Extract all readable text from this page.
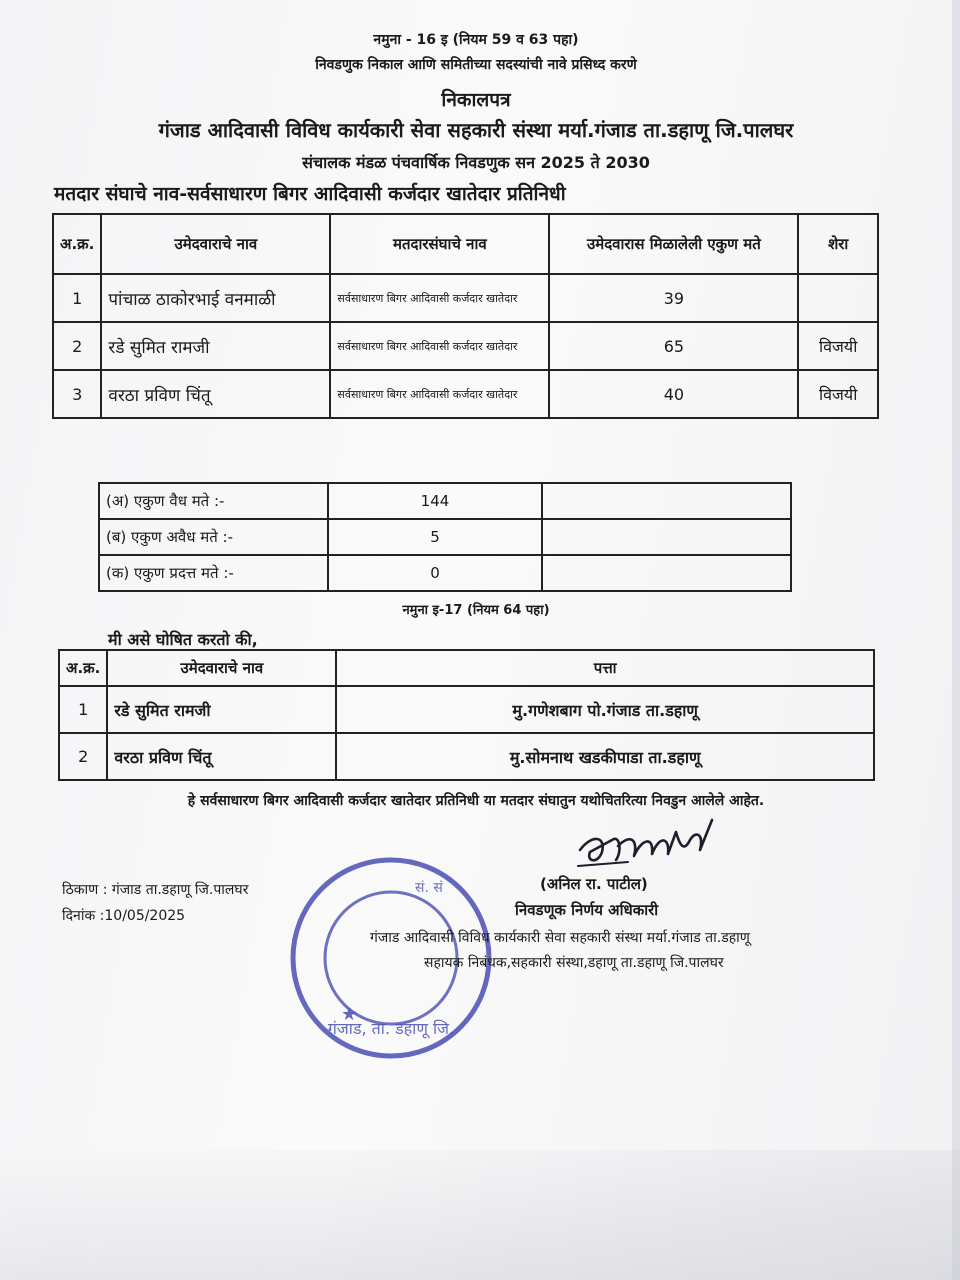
नमुना - 16 इ (नियम 59 व 63 पहा)
निवडणुक निकाल आणि समितीच्या सदस्यांची नावे प्रसिध्द करणे
निकालपत्र
गंजाड आदिवासी विविध कार्यकारी सेवा सहकारी संस्था मर्या.गंजाड ता.डहाणू जि.पालघर
संचालक मंडळ पंचवार्षिक निवडणुक सन 2025 ते 2030
मतदार संघाचे नाव-सर्वसाधारण बिगर आदिवासी कर्जदार खातेदार प्रतिनिधी
अ.क्र.	उमेदवाराचे नाव	मतदारसंघाचे नाव	उमेदवारास मिळालेली एकुण मते	शेरा
1	पांचाळ ठाकोरभाई वनमाळी	सर्वसाधारण बिगर आदिवासी कर्जदार खातेदार	39	
2	रडे सुमित रामजी	सर्वसाधारण बिगर आदिवासी कर्जदार खातेदार	65	विजयी
3	वरठा प्रविण चिंतू	सर्वसाधारण बिगर आदिवासी कर्जदार खातेदार	40	विजयी
(अ) एकुण वैध मते :-	144	
(ब) एकुण अवैध मते :-	5	
(क) एकुण प्रदत्त मते :-	0	
नमुना इ-17 (नियम 64 पहा)
मी असे घोषित करतो की,
अ.क्र.	उमेदवाराचे नाव	पत्ता
1	रडे सुमित रामजी	मु.गणेशबाग पो.गंजाड ता.डहाणू
2	वरठा प्रविण चिंतू	मु.सोमनाथ खडकीपाडा ता.डहाणू
हे सर्वसाधारण बिगर आदिवासी कर्जदार खातेदार प्रतिनिधी या मतदार संघातुन यथोचितरित्या निवडुन आलेले आहेत.
ठिकाण : गंजाड ता.डहाणू जि.पालघर
दिनांक :10/05/2025
गंजाड, ता. डहाणू जि.
★
सं. सं	(अनिल रा. पाटील)
निवडणूक निर्णय अधिकारी
गंजाड आदिवासी विविध कार्यकारी सेवा सहकारी संस्था मर्या.गंजाड ता.डहाणू
सहायक निबंधक,सहकारी संस्था,डहाणू ता.डहाणू जि.पालघर
